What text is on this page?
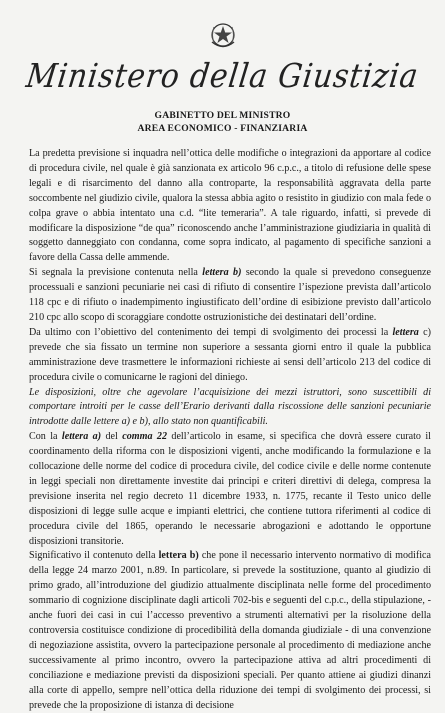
Ministero della Giustizia
GABINETTO DEL MINISTRO
AREA ECONOMICO - FINANZIARIA

La predetta previsione si inquadra nell’ottica delle modifiche o integrazioni da apportare al codice di procedura civile, nel quale è già sanzionata ex articolo 96 c.p.c., a titolo di refusione delle spese legali e di risarcimento del danno alla controparte, la responsabilità aggravata della parte soccombente nel giudizio civile, qualora la stessa abbia agito o resistito in giudizio con mala fede o colpa grave o abbia intentato una c.d. “lite temeraria”. A tale riguardo, infatti, si prevede di modificare la disposizione “de qua” riconoscendo anche l’amministrazione giudiziaria in qualità di soggetto danneggiato con condanna, come sopra indicato, al pagamento di specifiche sanzioni a favore della Cassa delle ammende.

Si segnala la previsione contenuta nella lettera b) secondo la quale si prevedono conseguenze processuali e sanzioni pecuniarie nei casi di rifiuto di consentire l’ispezione prevista dall’articolo 118 cpc e di rifiuto o inadempimento ingiustificato dell’ordine di esibizione previsto dall’articolo 210 cpc allo scopo di scoraggiare condotte ostruzionistiche dei destinatari dell’ordine.

Da ultimo con l’obiettivo del contenimento dei tempi di svolgimento dei processi la lettera c) prevede che sia fissato un termine non superiore a sessanta giorni entro il quale la pubblica amministrazione deve trasmettere le informazioni richieste ai sensi dell’articolo 213 del codice di procedura civile o comunicarne le ragioni del diniego.

Le disposizioni, oltre che agevolare l’acquisizione dei mezzi istruttori, sono suscettibili di comportare introiti per le casse dell’Erario derivanti dalla riscossione delle sanzioni pecuniarie introdotte dalle lettere a) e b), allo stato non quantificabili.

Con la lettera a) del comma 22 dell’articolo in esame, si specifica che dovrà essere curato il coordinamento della riforma con le disposizioni vigenti, anche modificando la formulazione e la collocazione delle norme del codice di procedura civile, del codice civile e delle norme contenute in leggi speciali non direttamente investite dai principi e criteri direttivi di delega, compresa la previsione inserita nel regio decreto 11 dicembre 1933, n. 1775, recante il Testo unico delle disposizioni di legge sulle acque e impianti elettrici, che contiene tuttora riferimenti al codice di procedura civile del 1865, operando le necessarie abrogazioni e adottando le opportune disposizioni transitorie.

Significativo il contenuto della lettera b) che pone il necessario intervento normativo di modifica della legge 24 marzo 2001, n.89. In particolare, si prevede la sostituzione, quanto al giudizio di primo grado, all’introduzione del giudizio attualmente disciplinata nelle forme del procedimento sommario di cognizione disciplinate dagli articoli 702-bis e seguenti del c.p.c., della stipulazione, - anche fuori dei casi in cui l’accesso preventivo a strumenti alternativi per la risoluzione della controversia costituisce condizione di procedibilità della domanda giudiziale - di una convenzione di negoziazione assistita, ovvero la partecipazione personale al procedimento di mediazione anche successivamente al primo incontro, ovvero la partecipazione attiva ad altri procedimenti di conciliazione e mediazione previsti da disposizioni speciali. Per quanto attiene ai giudizi dinanzi alla corte di appello, sempre nell’ottica della riduzione dei tempi di svolgimento dei processi, si prevede che la proposizione di istanza di decisione
